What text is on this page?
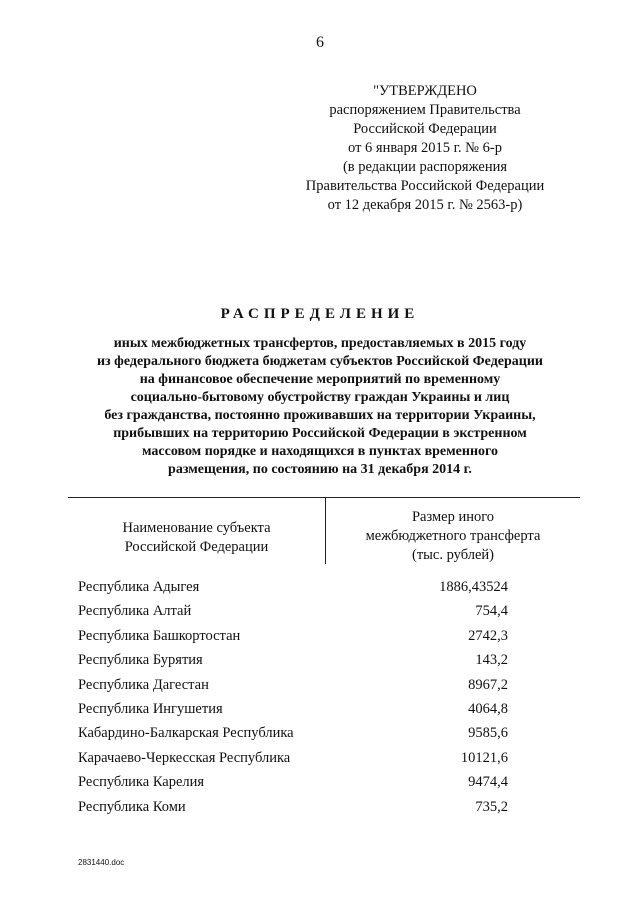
6
"УТВЕРЖДЕНО
распоряжением Правительства
Российской Федерации
от 6 января 2015 г. № 6-р
(в редакции распоряжения
Правительства Российской Федерации
от 12 декабря 2015 г. № 2563-р)
РАСПРЕДЕЛЕНИЕ
иных межбюджетных трансфертов, предоставляемых в 2015 году
из федерального бюджета бюджетам субъектов Российской Федерации
на финансовое обеспечение мероприятий по временному
социально-бытовому обустройству граждан Украины и лиц
без гражданства, постоянно проживавших на территории Украины,
прибывших на территорию Российской Федерации в экстренном
массовом порядке и находящихся в пунктах временного
размещения, по состоянию на 31 декабря 2014 г.
Наименование субъекта
Российской Федерации
Размер иного
межбюджетного трансферта
(тыс. рублей)
Республика Адыгея	1886,43524
Республика Алтай	754,4
Республика Башкортостан	2742,3
Республика Бурятия	143,2
Республика Дагестан	8967,2
Республика Ингушетия	4064,8
Кабардино-Балкарская Республика	9585,6
Карачаево-Черкесская Республика	10121,6
Республика Карелия	9474,4
Республика Коми	735,2
2831440.doc
